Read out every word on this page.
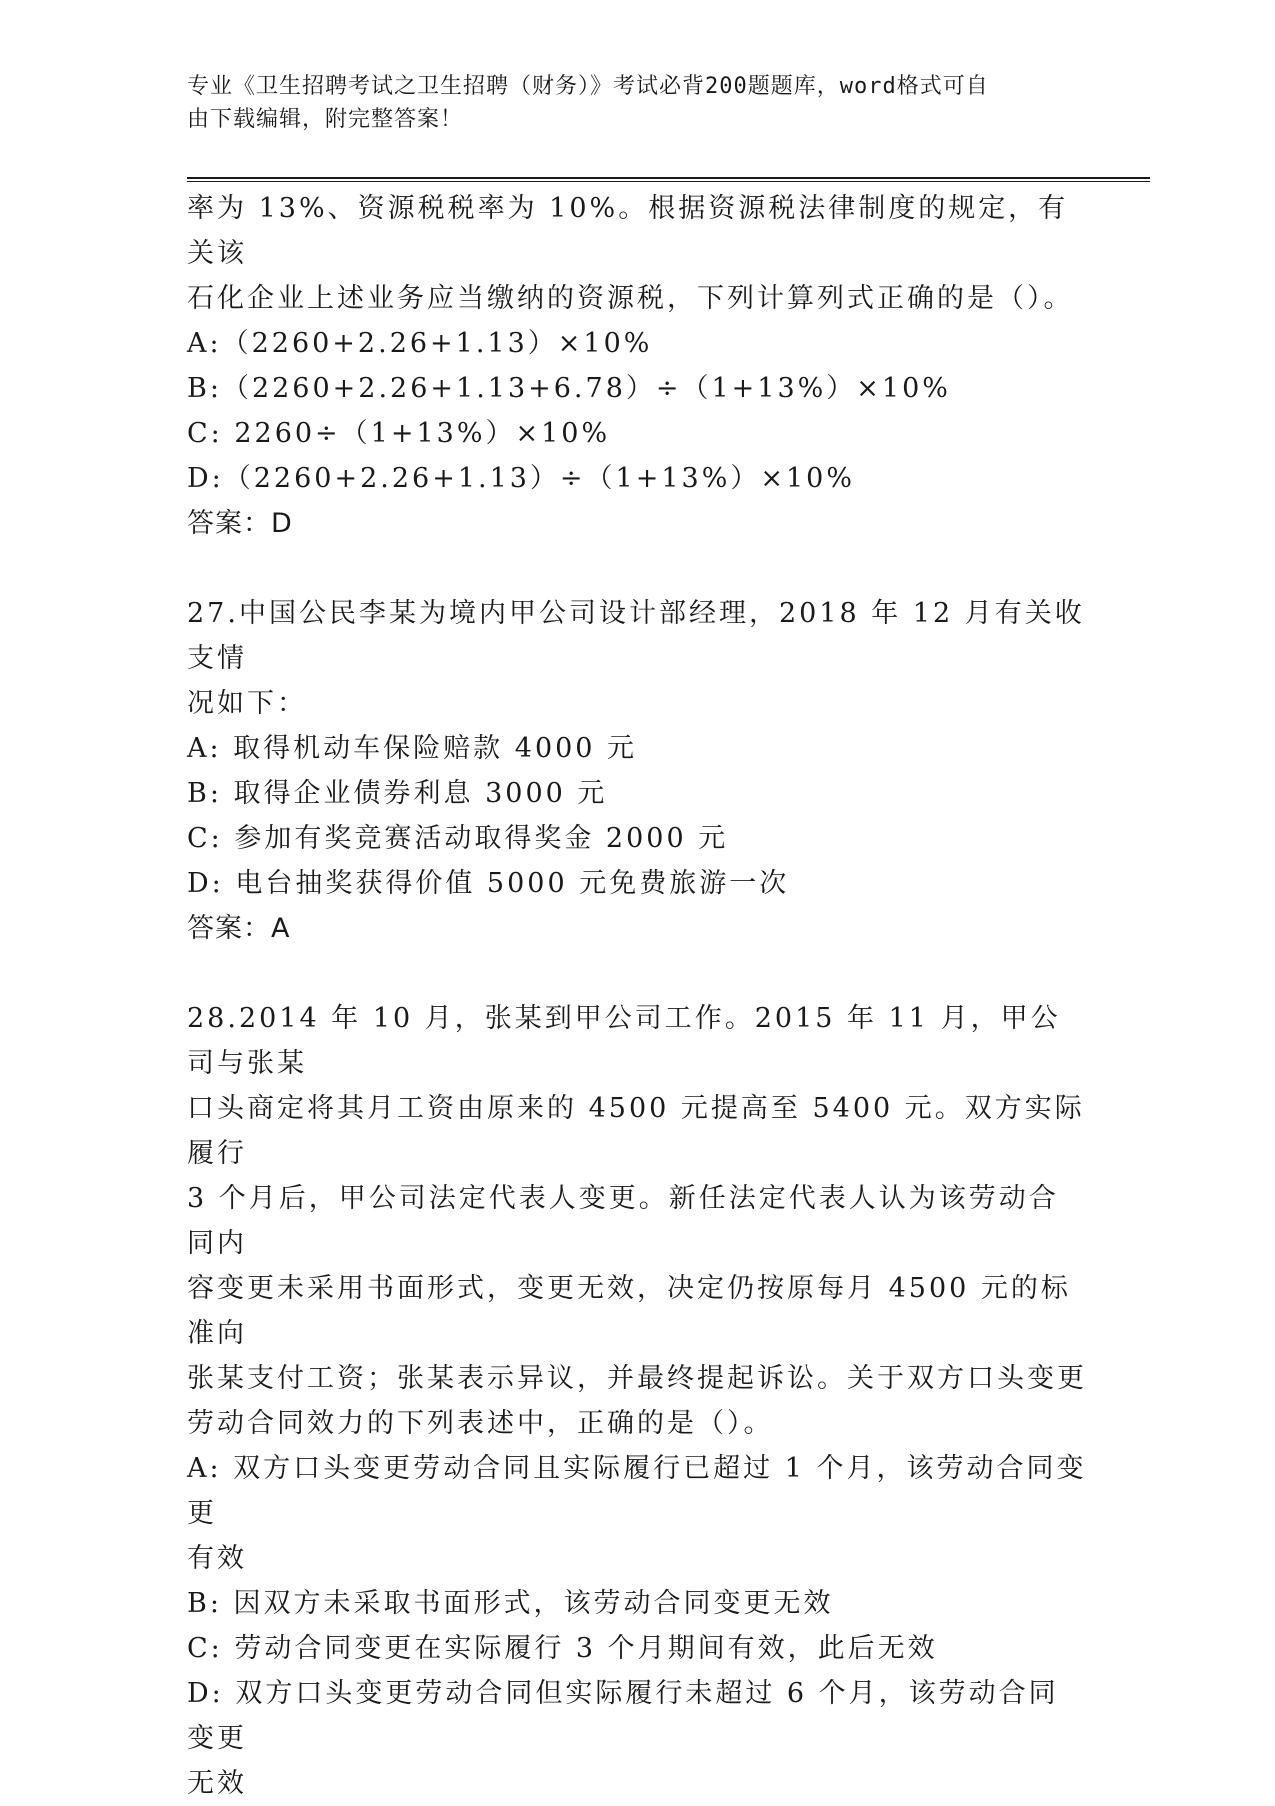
专业《卫生招聘考试之卫生招聘（财务）》考试必背200题题库，word格式可自
由下载编辑，附完整答案！

率为 13%、资源税税率为 10%。根据资源税法律制度的规定，有关该

石化企业上述业务应当缴纳的资源税，下列计算列式正确的是（）。

A:（2260+2.26+1.13）×10%

B:（2260+2.26+1.13+6.78）÷（1+13%）×10%

C: 2260÷（1+13%）×10%

D:（2260+2.26+1.13）÷（1+13%）×10%

答案：D

27.中国公民李某为境内甲公司设计部经理，2018 年 12 月有关收支情

况如下：

A: 取得机动车保险赔款 4000 元

B: 取得企业债券利息 3000 元

C: 参加有奖竞赛活动取得奖金 2000 元

D: 电台抽奖获得价值 5000 元免费旅游一次

答案：A

28.2014 年 10 月，张某到甲公司工作。2015 年 11 月，甲公司与张某

口头商定将其月工资由原来的 4500 元提高至 5400 元。双方实际履行

3 个月后，甲公司法定代表人变更。新任法定代表人认为该劳动合同内

容变更未采用书面形式，变更无效，决定仍按原每月 4500 元的标准向

张某支付工资；张某表示异议，并最终提起诉讼。关于双方口头变更

劳动合同效力的下列表述中，正确的是（）。

A: 双方口头变更劳动合同且实际履行已超过 1 个月，该劳动合同变更

有效

B: 因双方未采取书面形式，该劳动合同变更无效

C: 劳动合同变更在实际履行 3 个月期间有效，此后无效

D: 双方口头变更劳动合同但实际履行未超过 6 个月，该劳动合同变更

无效
